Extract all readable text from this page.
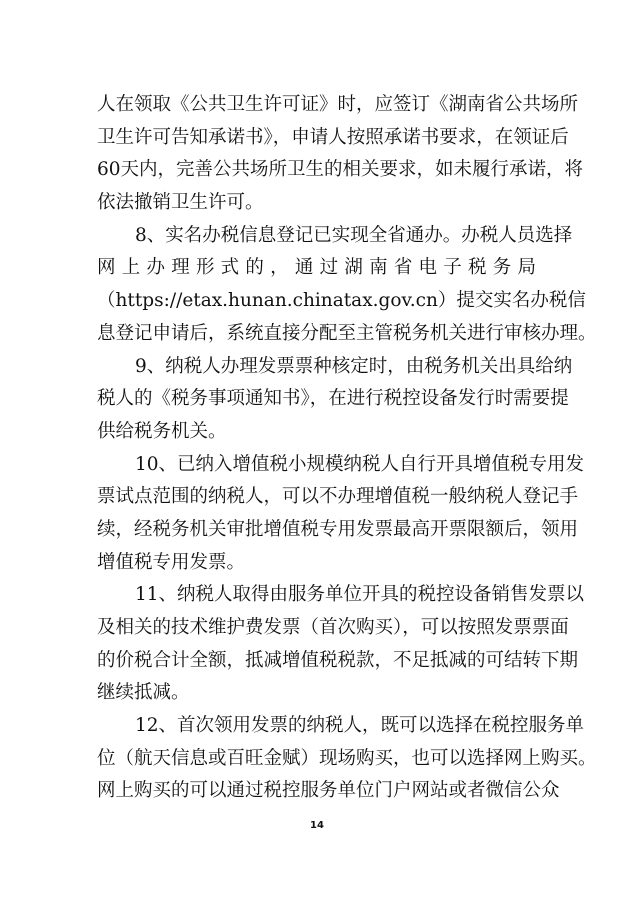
人在领取《公共卫生许可证》时，应签订《湖南省公共场所
卫生许可告知承诺书》，申请人按照承诺书要求，在领证后
60天内，完善公共场所卫生的相关要求，如未履行承诺，将
依法撤销卫生许可。
8、实名办税信息登记已实现全省通办。办税人员选择
网上办理形式的，通过湖南省电子税务局
（https://etax.hunan.chinatax.gov.cn）提交实名办税信
息登记申请后，系统直接分配至主管税务机关进行审核办理。
9、纳税人办理发票票种核定时，由税务机关出具给纳
税人的《税务事项通知书》，在进行税控设备发行时需要提
供给税务机关。
10、已纳入增值税小规模纳税人自行开具增值税专用发
票试点范围的纳税人，可以不办理增值税一般纳税人登记手
续，经税务机关审批增值税专用发票最高开票限额后，领用
增值税专用发票。
11、纳税人取得由服务单位开具的税控设备销售发票以
及相关的技术维护费发票（首次购买），可以按照发票票面
的价税合计全额，抵减增值税税款，不足抵减的可结转下期
继续抵减。
12、首次领用发票的纳税人，既可以选择在税控服务单
位（航天信息或百旺金赋）现场购买，也可以选择网上购买。
网上购买的可以通过税控服务单位门户网站或者微信公众
14
